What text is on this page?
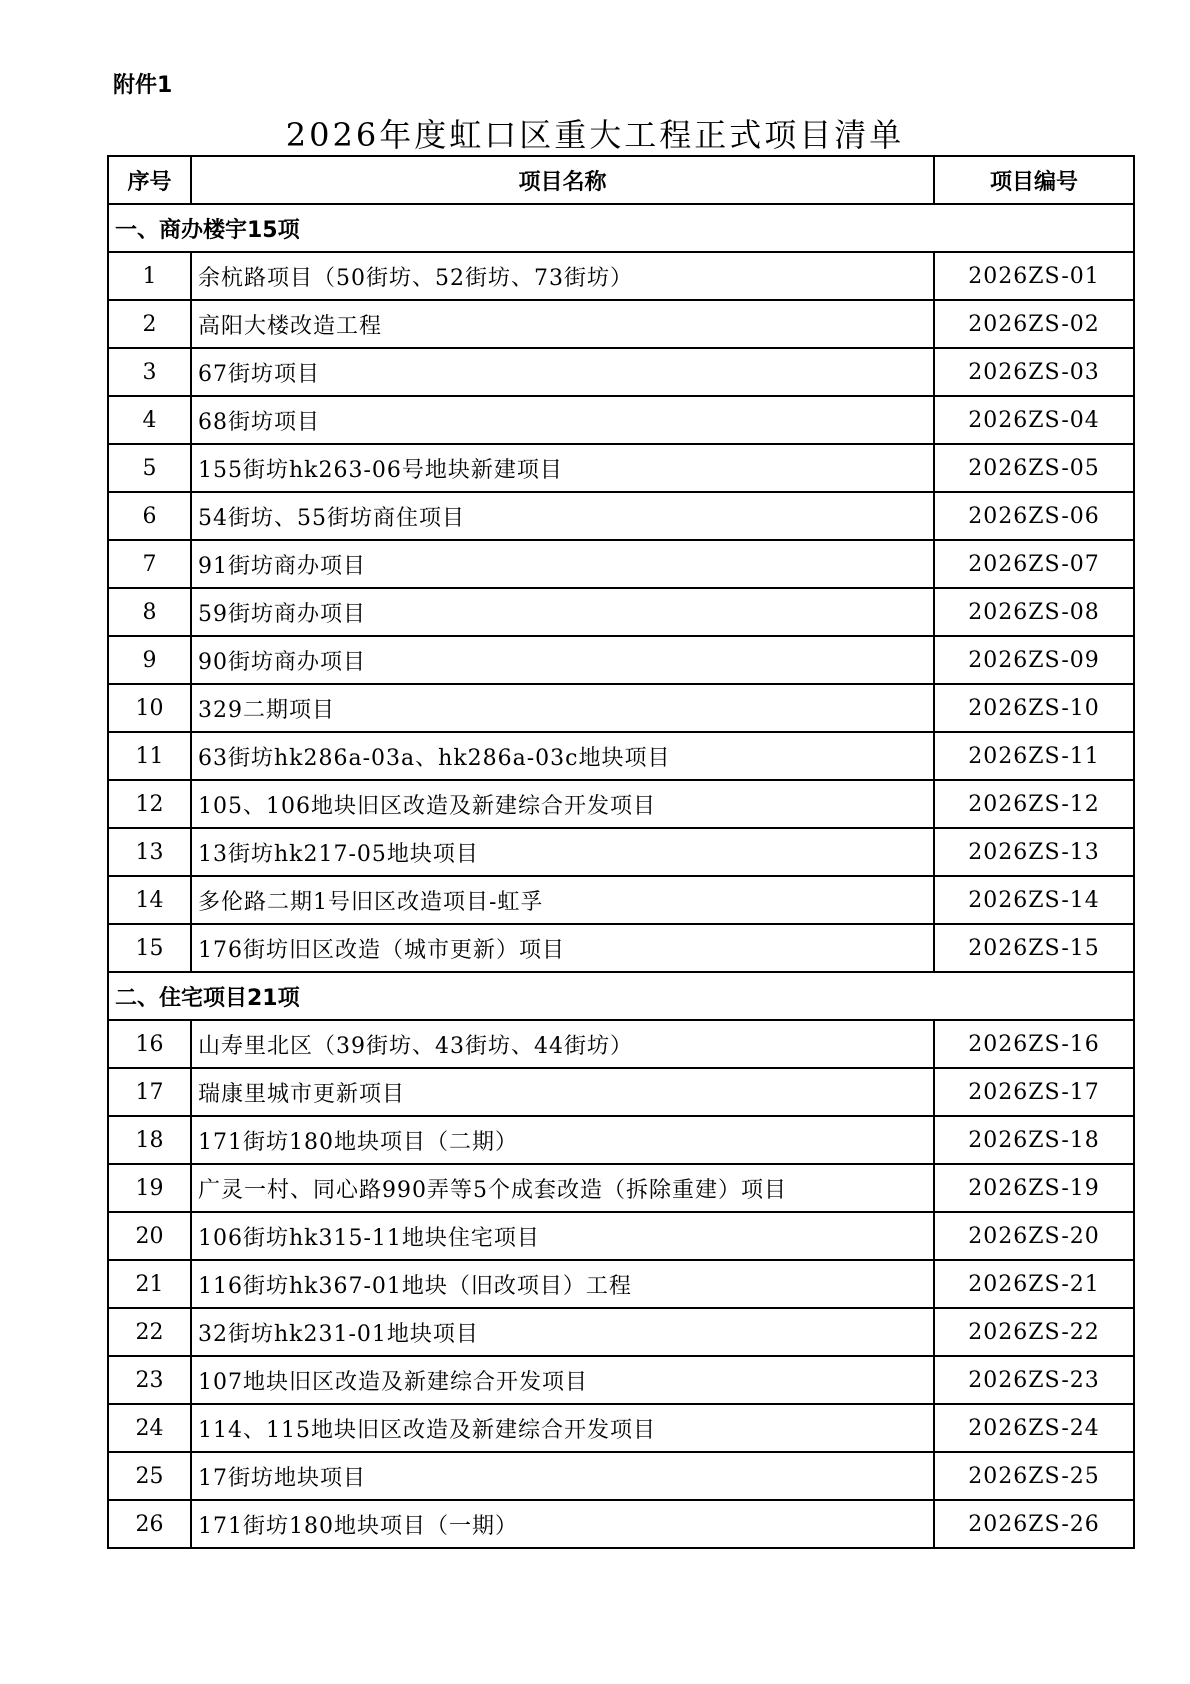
附件1
2026年度虹口区重大工程正式项目清单
序号	项目名称	项目编号
一、商办楼宇15项		
1	余杭路项目（50街坊、52街坊、73街坊）	2026ZS-01
2	高阳大楼改造工程	2026ZS-02
3	67街坊项目	2026ZS-03
4	68街坊项目	2026ZS-04
5	155街坊hk263-06号地块新建项目	2026ZS-05
6	54街坊、55街坊商住项目	2026ZS-06
7	91街坊商办项目	2026ZS-07
8	59街坊商办项目	2026ZS-08
9	90街坊商办项目	2026ZS-09
10	329二期项目	2026ZS-10
11	63街坊hk286a-03a、hk286a-03c地块项目	2026ZS-11
12	105、106地块旧区改造及新建综合开发项目	2026ZS-12
13	13街坊hk217-05地块项目	2026ZS-13
14	多伦路二期1号旧区改造项目-虹孚	2026ZS-14
15	176街坊旧区改造（城市更新）项目	2026ZS-15
二、住宅项目21项		
16	山寿里北区（39街坊、43街坊、44街坊）	2026ZS-16
17	瑞康里城市更新项目	2026ZS-17
18	171街坊180地块项目（二期）	2026ZS-18
19	广灵一村、同心路990弄等5个成套改造（拆除重建）项目	2026ZS-19
20	106街坊hk315-11地块住宅项目	2026ZS-20
21	116街坊hk367-01地块（旧改项目）工程	2026ZS-21
22	32街坊hk231-01地块项目	2026ZS-22
23	107地块旧区改造及新建综合开发项目	2026ZS-23
24	114、115地块旧区改造及新建综合开发项目	2026ZS-24
25	17街坊地块项目	2026ZS-25
26	171街坊180地块项目（一期）	2026ZS-26
